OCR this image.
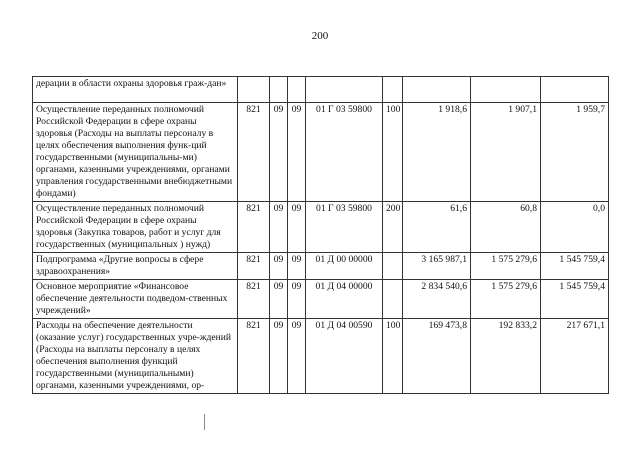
200
дерации в области охраны здоровья граж-дан»								
Осуществление переданных полномочий Российской Федерации в сфере охраны здоровья (Расходы на выплаты персоналу в целях обеспечения выполнения функ-ций государственными (муниципальны-ми) органами, казенными учреждениями, органами управления государственными внебюджетными фондами)	821	09	09	01 Г 03 59800	100	1 918,6	1 907,1	1 959,7
Осуществление переданных полномочий Российской Федерации в сфере охраны здоровья (Закупка товаров, работ и услуг для государственных (муниципальных ) нужд)	821	09	09	01 Г 03 59800	200	61,6	60,8	0,0
Подпрограмма «Другие вопросы в сфере здравоохранения»	821	09	09	01 Д 00 00000		3 165 987,1	1 575 279,6	1 545 759,4
Основное мероприятие «Финансовое обеспечение деятельности подведом-ственных учреждений»	821	09	09	01 Д 04 00000		2 834 540,6	1 575 279,6	1 545 759,4
Расходы на обеспечение деятельности (оказание услуг) государственных учре-ждений (Расходы на выплаты персоналу в целях обеспечения выполнения функций государственными (муниципальными) органами, казенными учреждениями, ор-	821	09	09	01 Д 04 00590	100	169 473,8	192 833,2	217 671,1
